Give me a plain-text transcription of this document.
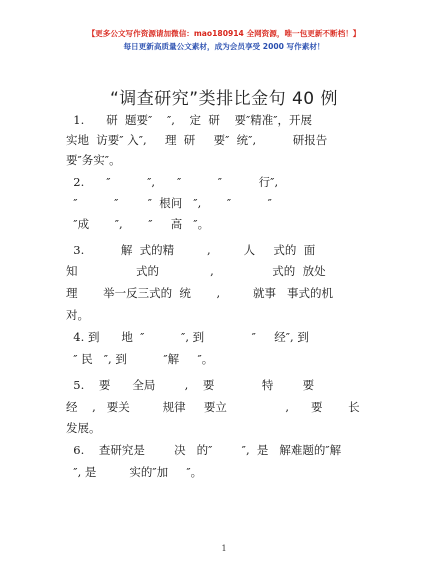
【更多公文写作资源请加微信：mao180914 全网资源，唯一包更新不断档！】
每日更新高质量公文素材，成为会员享受 2000 写作素材！
“调查研究”类排比金句 40 例
1.      研  题要″    ″,    定  研    要″精准″，开展
实地  访要″ 入″,     理  研     要″  统″,          研报告
要″务实″。
2.      ″          ″,      ″          ″          行″,
″          ″        ″  根问   ″,       ″          ″
″成       ″,       ″     高   ″。
3.          解  式的精         ,         人     式的  面
知                式的              ,                式的  放处
理       举一反三式的  统       ,         就事   事式的机
对。
4. 到      地  ″          ″, 到             ″     经″, 到
″ 民   ″, 到          ″解     ″。
5.    要      全局        ,    要             特        要
经    ,   要关         规律     要立                ,      要       长
发展。
6.    查研究是        决   的″        ″,  是   解难题的″解
″, 是         实的″加     ″。
1
